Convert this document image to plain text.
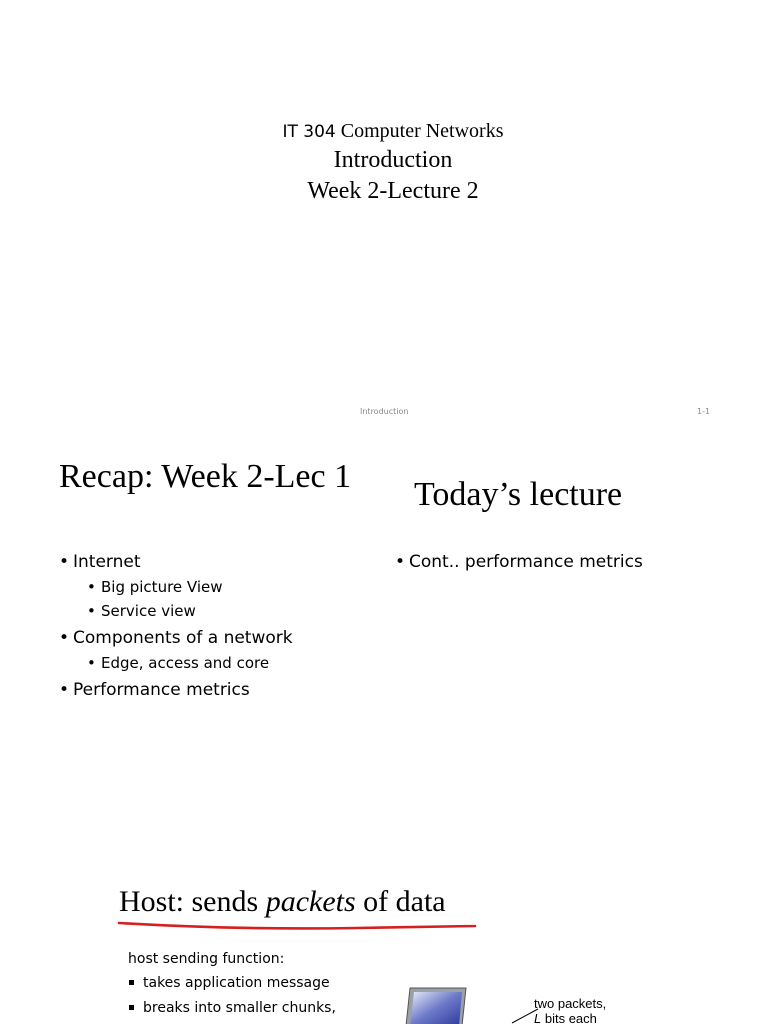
IT 304 Computer Networks
Introduction
Week 2-Lecture 2
Introduction	1-1
Recap: Week 2-Lec 1 Today’s lecture
• Internet
• Big picture View
• Service view
• Components of a network
• Edge, access and core
• Performance metrics
• Cont.. performance metrics
Host: sends packets of data
host sending function:
takes application message
breaks into smaller chunks,	two packets,
L bits each
